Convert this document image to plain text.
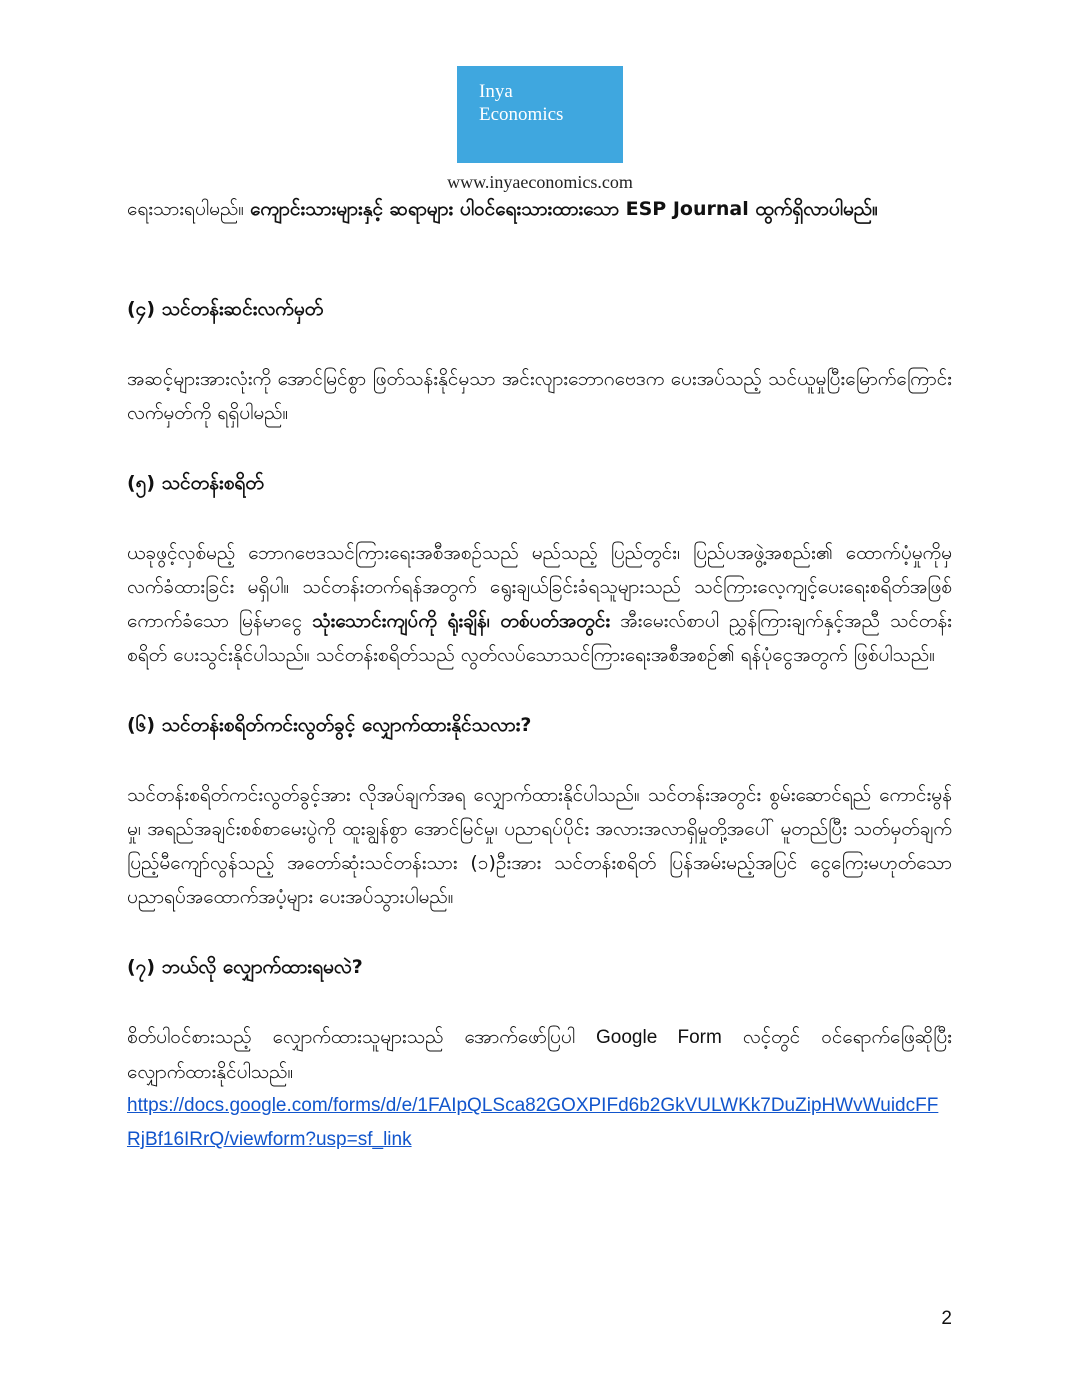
Inya
Economics
www.inyaeconomics.com

ရေးသားရပါမည်။ ကျောင်းသားများနှင့် ဆရာများ ပါဝင်ရေးသားထားသော ESP Journal ထွက်ရှိလာပါမည်။

(၄) သင်တန်းဆင်းလက်မှတ်

အဆင့်များအားလုံးကို အောင်မြင်စွာ ဖြတ်သန်းနိုင်မှသာ အင်းလျားဘောဂဗေဒက ပေးအပ်သည့် သင်ယူမှုပြီးမြောက်ကြောင်း လက်မှတ်ကို ရရှိပါမည်။

(၅) သင်တန်းစရိတ်

ယခုဖွင့်လှစ်မည့် ဘောဂဗေဒသင်ကြားရေးအစီအစဉ်သည် မည်သည့် ပြည်တွင်း၊ ပြည်ပအဖွဲ့အစည်း၏ ထောက်ပံ့မှုကိုမှ လက်ခံထားခြင်း မရှိပါ။ သင်တန်းတက်ရန်အတွက် ရွေးချယ်ခြင်းခံရသူများသည် သင်ကြားလေ့ကျင့်ပေးရေးစရိတ်အဖြစ် ကောက်ခံသော မြန်မာငွေ သုံးသောင်းကျပ်ကို ရုံးချိန်၊ တစ်ပတ်အတွင်း အီးမေးလ်စာပါ ညွှန်ကြားချက်နှင့်အညီ သင်တန်းစရိတ် ပေးသွင်းနိုင်ပါသည်။ သင်တန်းစရိတ်သည် လွတ်လပ်သောသင်ကြားရေးအစီအစဉ်၏ ရန်ပုံငွေအတွက် ဖြစ်ပါသည်။

(၆) သင်တန်းစရိတ်ကင်းလွတ်ခွင့် လျှောက်ထားနိုင်သလား?

သင်တန်းစရိတ်ကင်းလွတ်ခွင့်အား လိုအပ်ချက်အရ လျှောက်ထားနိုင်ပါသည်။ သင်တန်းအတွင်း စွမ်းဆောင်ရည် ကောင်းမွန်မှု၊ အရည်အချင်းစစ်စာမေးပွဲကို ထူးချွန်စွာ အောင်မြင်မှု၊ ပညာရပ်ပိုင်း အလားအလာရှိမှုတို့အပေါ် မူတည်ပြီး သတ်မှတ်ချက် ပြည့်မီကျော်လွန်သည့် အတော်ဆုံးသင်တန်းသား (၁)ဦးအား သင်တန်းစရိတ် ပြန်အမ်းမည့်အပြင် ငွေကြေးမဟုတ်သော ပညာရပ်အထောက်အပံ့များ ပေးအပ်သွားပါမည်။

(၇) ဘယ်လို လျှောက်ထားရမလဲ?

စိတ်ပါဝင်စားသည့် လျှောက်ထားသူများသည် အောက်ဖော်ပြပါ Google Form လင့်တွင် ဝင်ရောက်ဖြေဆိုပြီး လျှောက်ထားနိုင်ပါသည်။

https://docs.google.com/forms/d/e/1FAIpQLSca82GOXPIFd6b2GkVULWKk7DuZipHWvWuidcFFRjBf16IRrQ/viewform?usp=sf_link
2
